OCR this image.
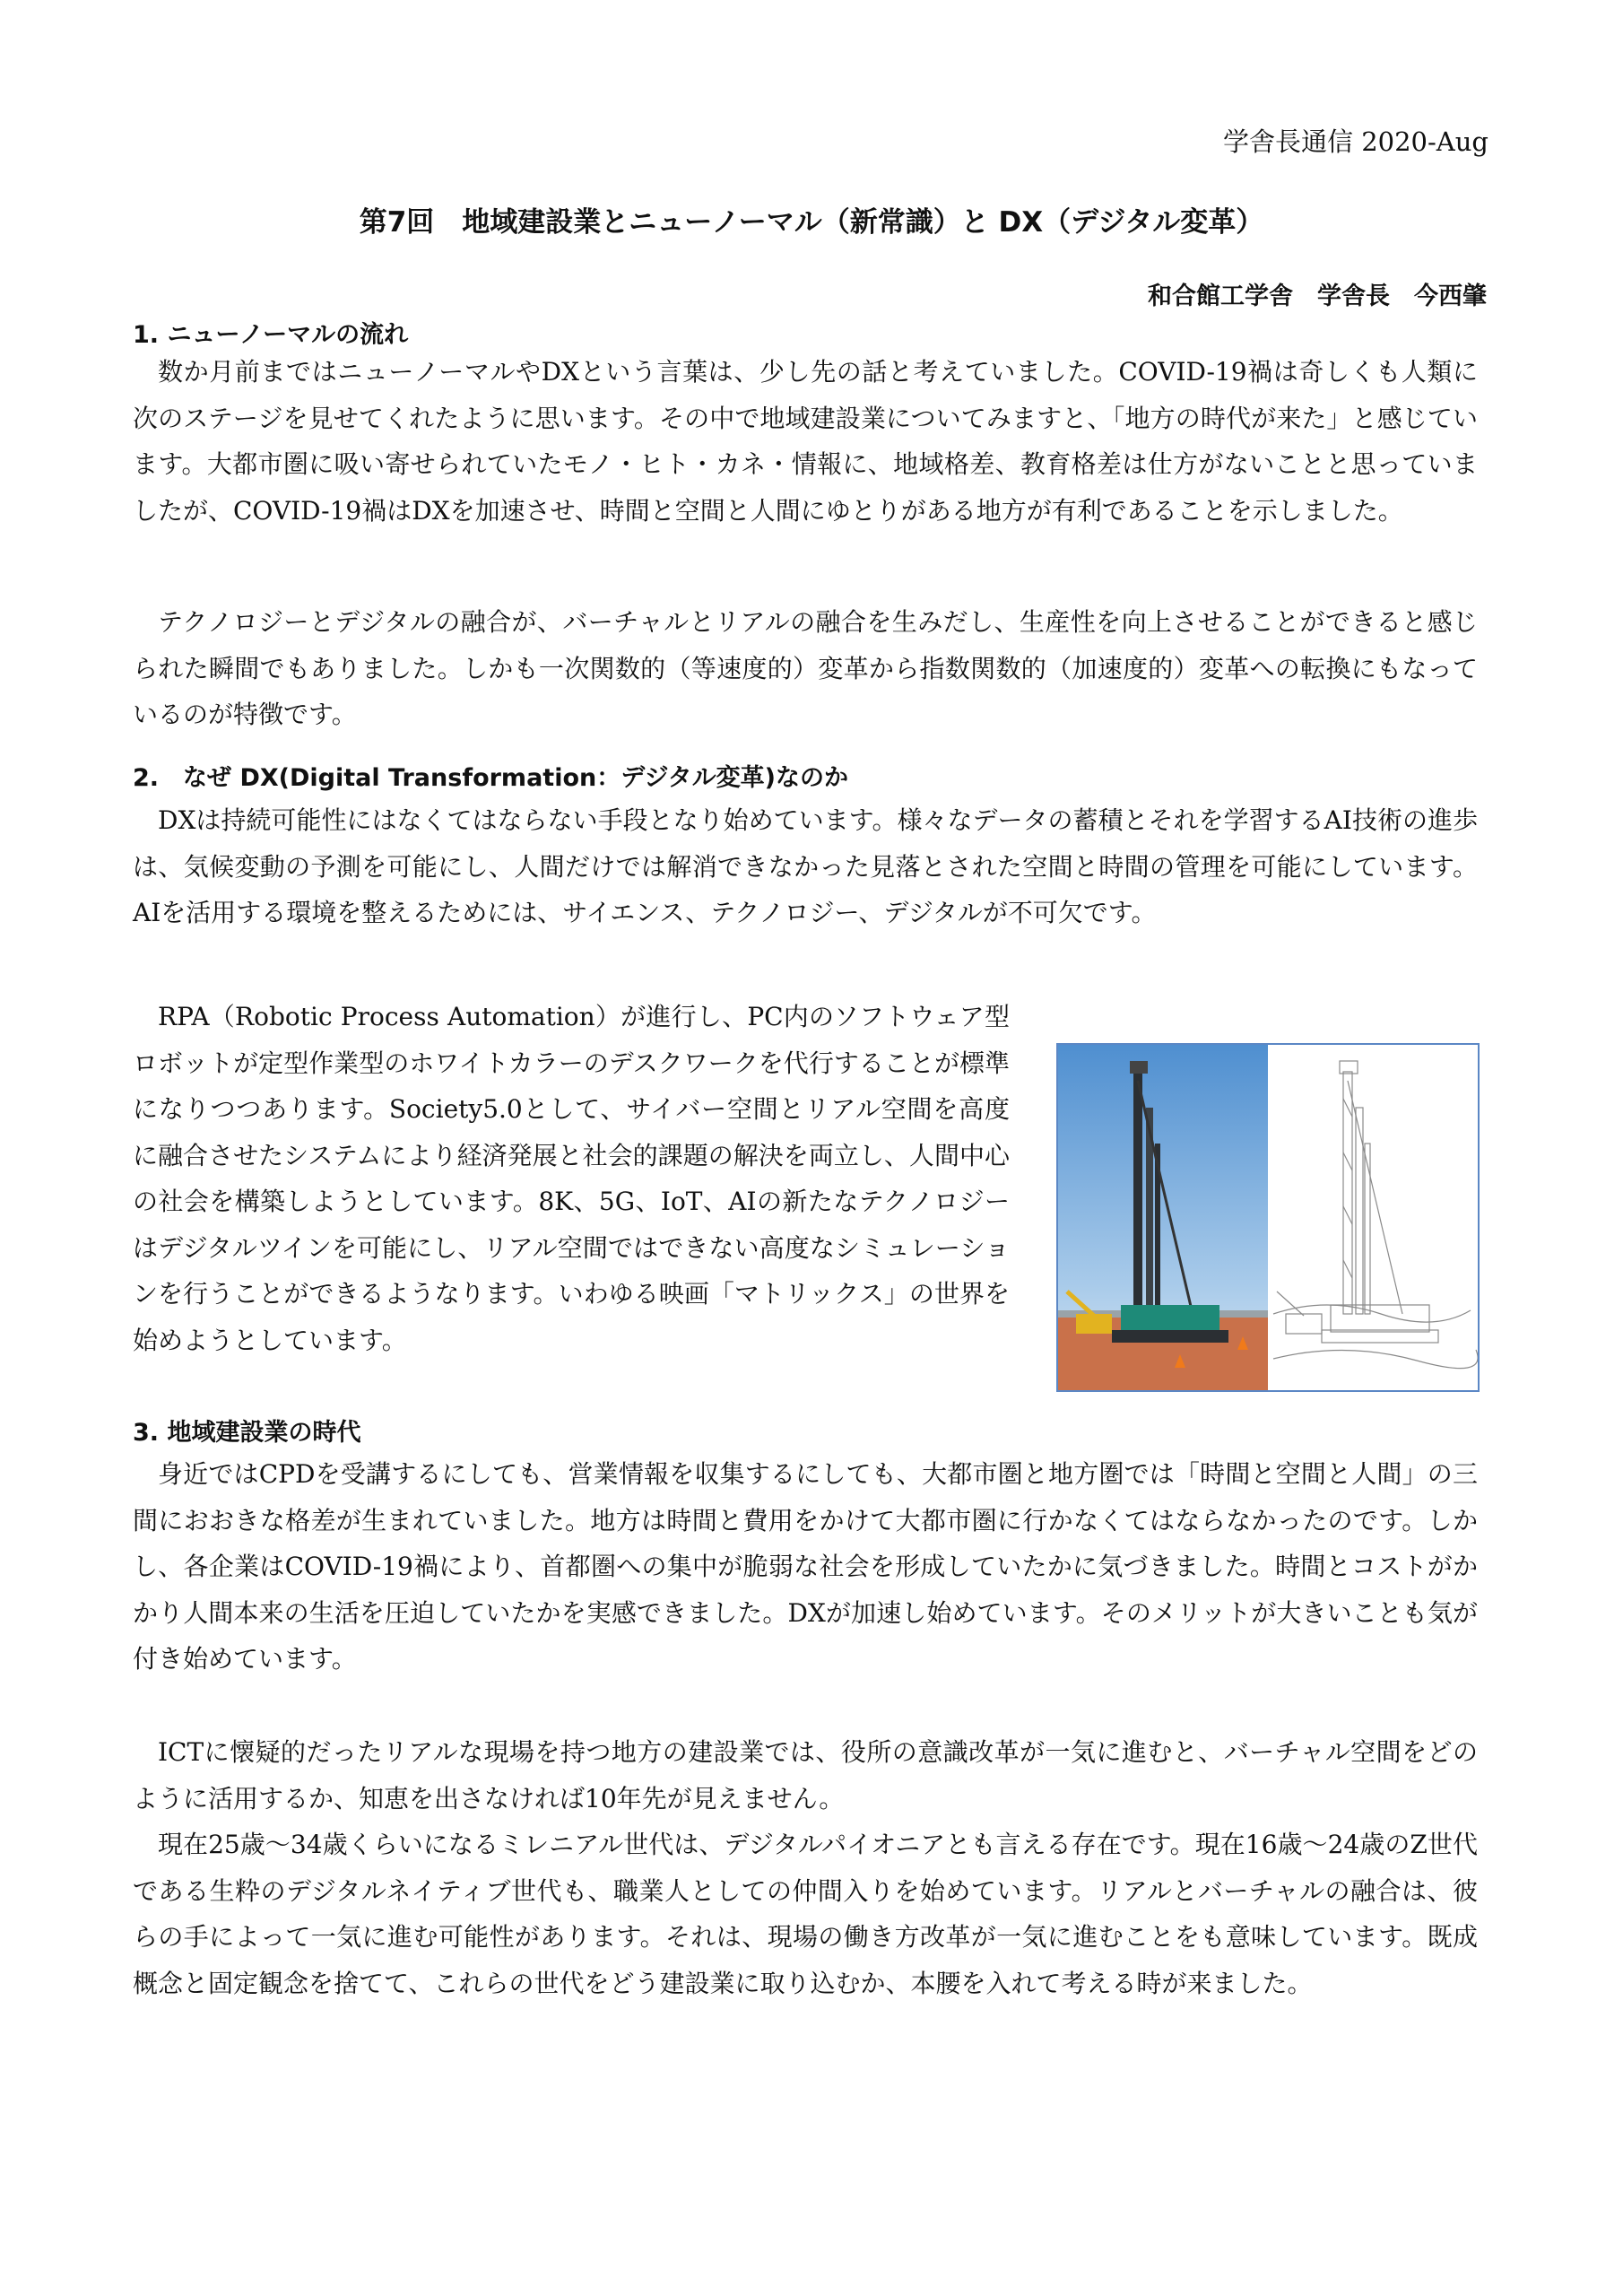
学舎長通信 2020-Aug
第7回　地域建設業とニューノーマル（新常識）と DX（デジタル変革）
和合館工学舎　学舎長　今西肇
1. ニューノーマルの流れ

数か月前まではニューノーマルやDXという言葉は、少し先の話と考えていました。COVID-19禍は奇しくも人類に次のステージを見せてくれたように思います。その中で地域建設業についてみますと、「地方の時代が来た」と感じています。大都市圏に吸い寄せられていたモノ・ヒト・カネ・情報に、地域格差、教育格差は仕方がないことと思っていましたが、COVID-19禍はDXを加速させ、時間と空間と人間にゆとりがある地方が有利であることを示しました。

テクノロジーとデジタルの融合が、バーチャルとリアルの融合を生みだし、生産性を向上させることができると感じられた瞬間でもありました。しかも一次関数的（等速度的）変革から指数関数的（加速度的）変革への転換にもなっているのが特徴です。

2.　なぜ DX(Digital Transformation：デジタル変革)なのか

DXは持続可能性にはなくてはならない手段となり始めています。様々なデータの蓄積とそれを学習するAI技術の進歩は、気候変動の予測を可能にし、人間だけでは解消できなかった見落とされた空間と時間の管理を可能にしています。AIを活用する環境を整えるためには、サイエンス、テクノロジー、デジタルが不可欠です。

RPA（Robotic Process Automation）が進行し、PC内のソフトウェア型ロボットが定型作業型のホワイトカラーのデスクワークを代行することが標準になりつつあります。Society5.0として、サイバー空間とリアル空間を高度に融合させたシステムにより経済発展と社会的課題の解決を両立し、人間中心の社会を構築しようとしています。8K、5G、IoT、AIの新たなテクノロジーはデジタルツインを可能にし、リアル空間ではできない高度なシミュレーションを行うことができるようなります。いわゆる映画「マトリックス」の世界を始めようとしています。

3. 地域建設業の時代

身近ではCPDを受講するにしても、営業情報を収集するにしても、大都市圏と地方圏では「時間と空間と人間」の三間におおきな格差が生まれていました。地方は時間と費用をかけて大都市圏に行かなくてはならなかったのです。しかし、各企業はCOVID-19禍により、首都圏への集中が脆弱な社会を形成していたかに気づきました。時間とコストがかかり人間本来の生活を圧迫していたかを実感できました。DXが加速し始めています。そのメリットが大きいことも気が付き始めています。

ICTに懐疑的だったリアルな現場を持つ地方の建設業では、役所の意識改革が一気に進むと、バーチャル空間をどのように活用するか、知恵を出さなければ10年先が見えません。

現在25歳～34歳くらいになるミレニアル世代は、デジタルパイオニアとも言える存在です。現在16歳～24歳のZ世代である生粋のデジタルネイティブ世代も、職業人としての仲間入りを始めています。リアルとバーチャルの融合は、彼らの手によって一気に進む可能性があります。それは、現場の働き方改革が一気に進むことをも意味しています。既成概念と固定観念を捨てて、これらの世代をどう建設業に取り込むか、本腰を入れて考える時が来ました。
